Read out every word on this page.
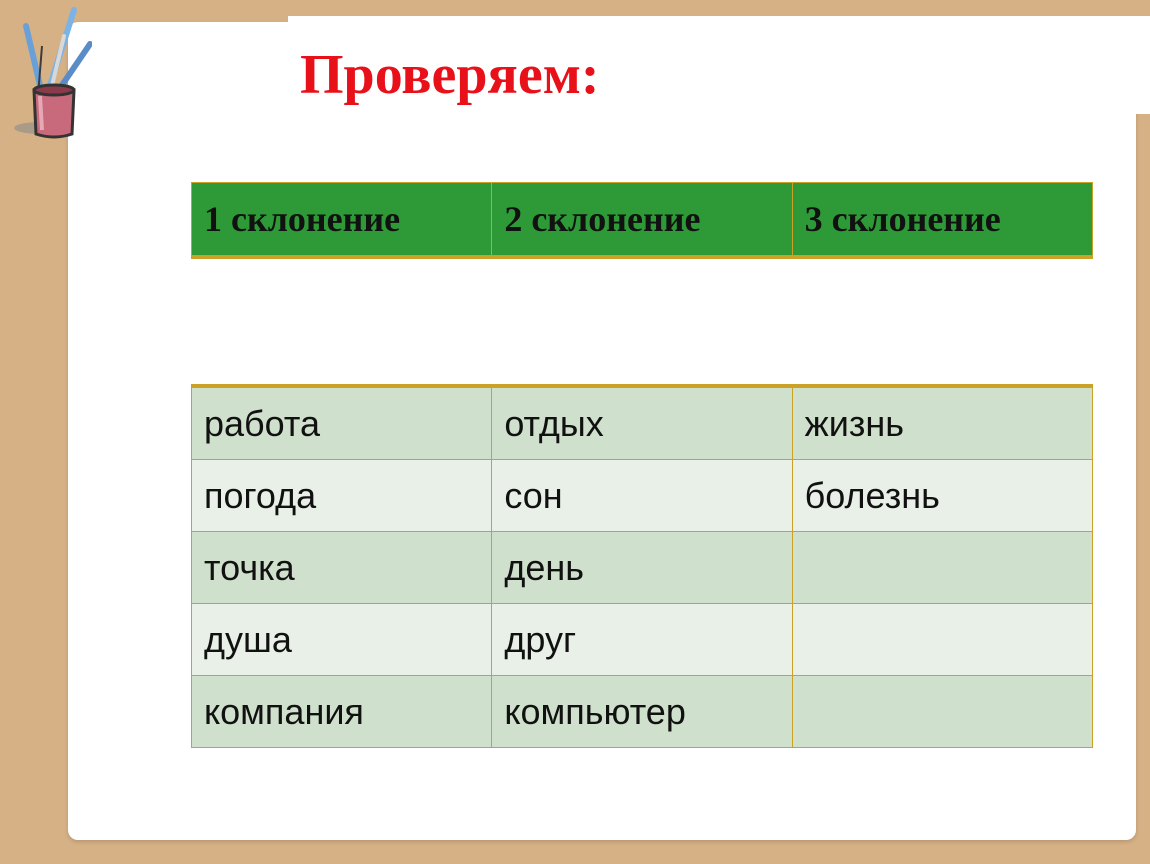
Проверяем:
1 склонение	2 склонение	3 склонение
работа	отдых	жизнь
погода	сон	болезнь
точка	день	
душа	друг	
компания	компьютер	
